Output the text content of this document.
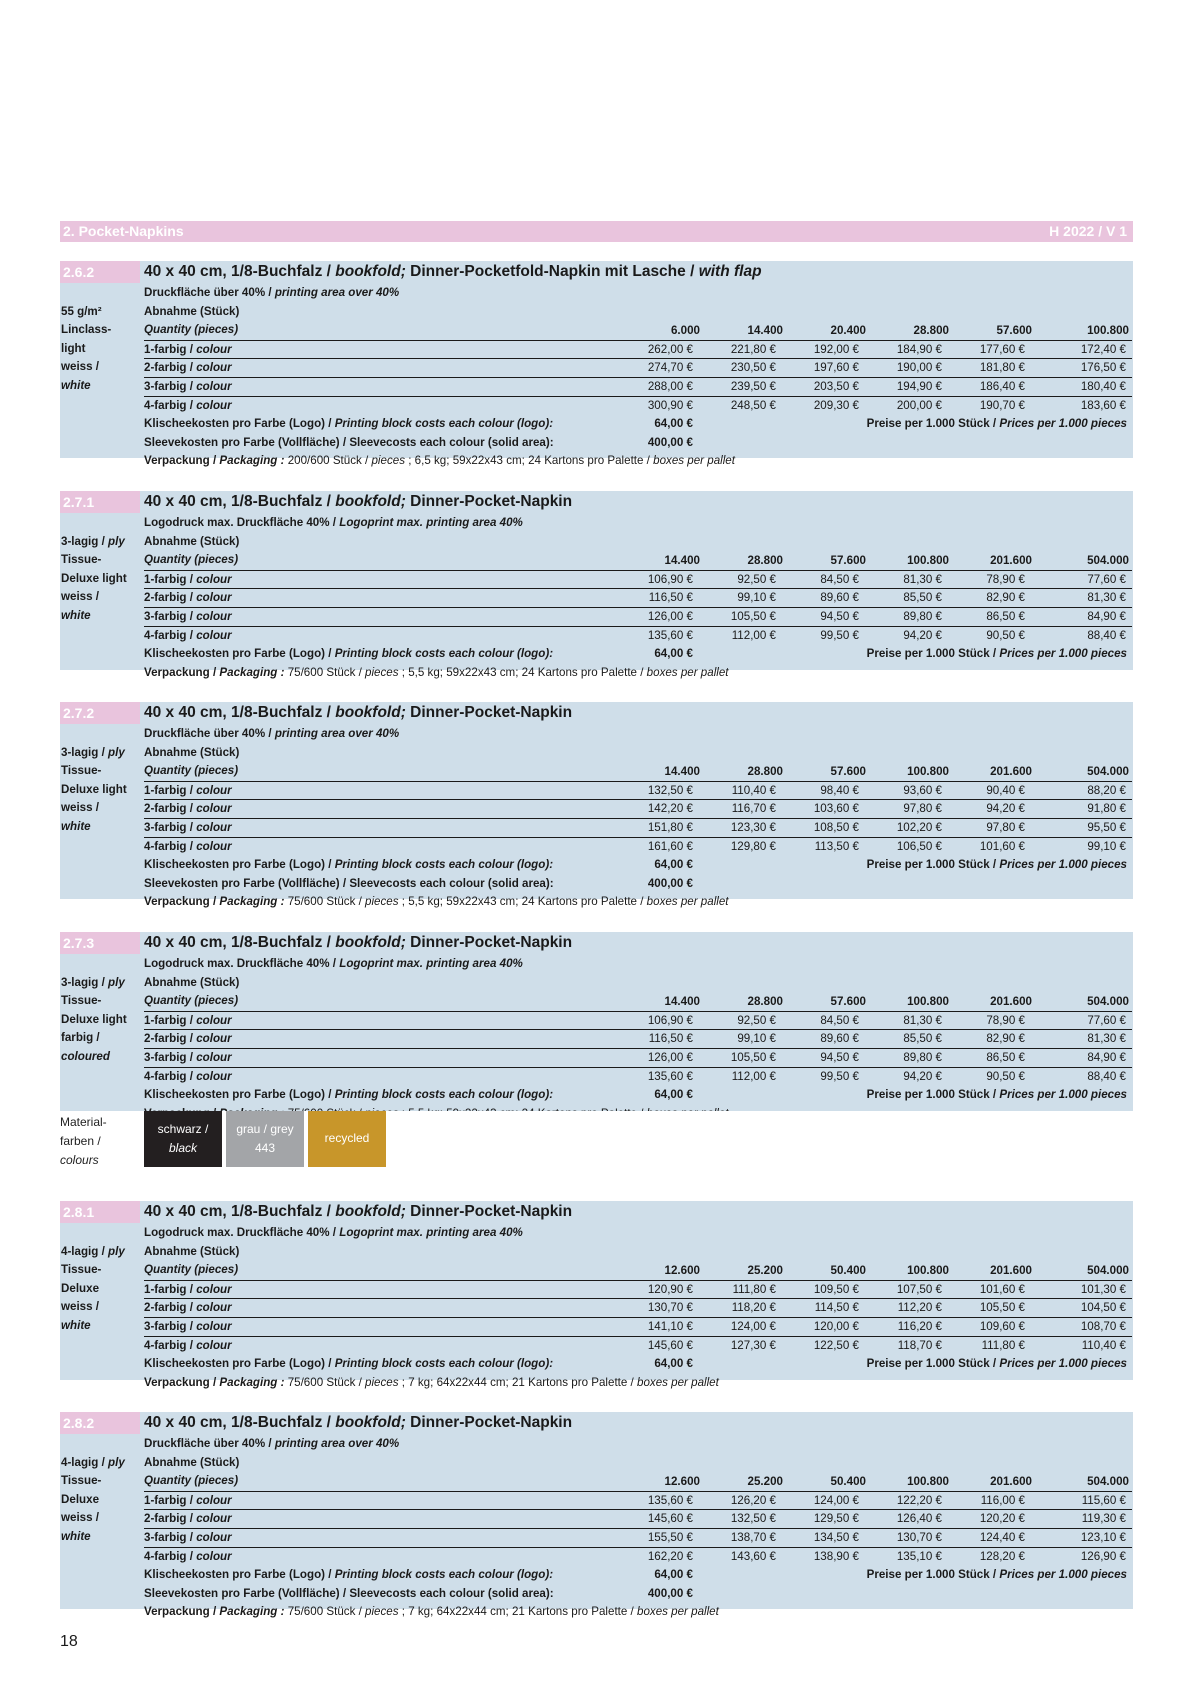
2. Pocket-Napkins	H 2022 / V 1
2.6.2	40 x 40 cm, 1/8-Buchfalz / bookfold; Dinner-Pocketfold-Napkin mit Lasche / with flap
Druckfläche über 40% / printing area over 40%
Abnahme (Stück)
55 g/m²
Linclass-
light
weiss /
white
Quantity (pieces)	6.000	14.400	20.400	28.800	57.600	100.800
1-farbig / colour	262,00 €	221,80 €	192,00 €	184,90 €	177,60 €	172,40 €
2-farbig / colour	274,70 €	230,50 €	197,60 €	190,00 €	181,80 €	176,50 €
3-farbig / colour	288,00 €	239,50 €	203,50 €	194,90 €	186,40 €	180,40 €
4-farbig / colour	300,90 €	248,50 €	209,30 €	200,00 €	190,70 €	183,60 €
Klischeekosten pro Farbe (Logo) / Printing block costs each colour (logo):	64,00 €	Preise per 1.000 Stück / Prices per 1.000 pieces
Sleevekosten pro Farbe (Vollfläche) / Sleevecosts each colour (solid area):	400,00 €
Verpackung / Packaging : 200/600 Stück / pieces ; 6,5 kg; 59x22x43 cm; 24 Kartons pro Palette / boxes per pallet
2.7.1	40 x 40 cm, 1/8-Buchfalz / bookfold; Dinner-Pocket-Napkin
Logodruck max. Druckfläche 40% / Logoprint max. printing area 40%
Abnahme (Stück)
3-lagig / ply
Tissue-
Deluxe light
weiss /
white
Quantity (pieces)	14.400	28.800	57.600	100.800	201.600	504.000
1-farbig / colour	106,90 €	92,50 €	84,50 €	81,30 €	78,90 €	77,60 €
2-farbig / colour	116,50 €	99,10 €	89,60 €	85,50 €	82,90 €	81,30 €
3-farbig / colour	126,00 €	105,50 €	94,50 €	89,80 €	86,50 €	84,90 €
4-farbig / colour	135,60 €	112,00 €	99,50 €	94,20 €	90,50 €	88,40 €
Klischeekosten pro Farbe (Logo) / Printing block costs each colour (logo):	64,00 €	Preise per 1.000 Stück / Prices per 1.000 pieces
Verpackung / Packaging : 75/600 Stück / pieces ; 5,5 kg; 59x22x43 cm; 24 Kartons pro Palette / boxes per pallet
2.7.2	40 x 40 cm, 1/8-Buchfalz / bookfold; Dinner-Pocket-Napkin
Druckfläche über 40% / printing area over 40%
Abnahme (Stück)
3-lagig / ply
Tissue-
Deluxe light
weiss /
white
Quantity (pieces)	14.400	28.800	57.600	100.800	201.600	504.000
1-farbig / colour	132,50 €	110,40 €	98,40 €	93,60 €	90,40 €	88,20 €
2-farbig / colour	142,20 €	116,70 €	103,60 €	97,80 €	94,20 €	91,80 €
3-farbig / colour	151,80 €	123,30 €	108,50 €	102,20 €	97,80 €	95,50 €
4-farbig / colour	161,60 €	129,80 €	113,50 €	106,50 €	101,60 €	99,10 €
Klischeekosten pro Farbe (Logo) / Printing block costs each colour (logo):	64,00 €	Preise per 1.000 Stück / Prices per 1.000 pieces
Sleevekosten pro Farbe (Vollfläche) / Sleevecosts each colour (solid area):	400,00 €
Verpackung / Packaging : 75/600 Stück / pieces ; 5,5 kg; 59x22x43 cm; 24 Kartons pro Palette / boxes per pallet
2.7.3	40 x 40 cm, 1/8-Buchfalz / bookfold; Dinner-Pocket-Napkin
Logodruck max. Druckfläche 40% / Logoprint max. printing area 40%
Abnahme (Stück)
3-lagig / ply
Tissue-
Deluxe light
farbig /
coloured
Quantity (pieces)	14.400	28.800	57.600	100.800	201.600	504.000
1-farbig / colour	106,90 €	92,50 €	84,50 €	81,30 €	78,90 €	77,60 €
2-farbig / colour	116,50 €	99,10 €	89,60 €	85,50 €	82,90 €	81,30 €
3-farbig / colour	126,00 €	105,50 €	94,50 €	89,80 €	86,50 €	84,90 €
4-farbig / colour	135,60 €	112,00 €	99,50 €	94,20 €	90,50 €	88,40 €
Klischeekosten pro Farbe (Logo) / Printing block costs each colour (logo):	64,00 €	Preise per 1.000 Stück / Prices per 1.000 pieces
Material-
farben /
colours
schwarz /
black
grau / grey
443
recycled
2.8.1	40 x 40 cm, 1/8-Buchfalz / bookfold; Dinner-Pocket-Napkin
Logodruck max. Druckfläche 40% / Logoprint max. printing area 40%
Abnahme (Stück)
4-lagig / ply
Tissue-
Deluxe
weiss /
white
Quantity (pieces)	12.600	25.200	50.400	100.800	201.600	504.000
1-farbig / colour	120,90 €	111,80 €	109,50 €	107,50 €	101,60 €	101,30 €
2-farbig / colour	130,70 €	118,20 €	114,50 €	112,20 €	105,50 €	104,50 €
3-farbig / colour	141,10 €	124,00 €	120,00 €	116,20 €	109,60 €	108,70 €
4-farbig / colour	145,60 €	127,30 €	122,50 €	118,70 €	111,80 €	110,40 €
Klischeekosten pro Farbe (Logo) / Printing block costs each colour (logo):	64,00 €	Preise per 1.000 Stück / Prices per 1.000 pieces
Verpackung / Packaging : 75/600 Stück / pieces ; 7 kg; 64x22x44 cm; 21 Kartons pro Palette / boxes per pallet
2.8.2	40 x 40 cm, 1/8-Buchfalz / bookfold; Dinner-Pocket-Napkin
Druckfläche über 40% / printing area over 40%
Abnahme (Stück)
4-lagig / ply
Tissue-
Deluxe
weiss /
white
Quantity (pieces)	12.600	25.200	50.400	100.800	201.600	504.000
1-farbig / colour	135,60 €	126,20 €	124,00 €	122,20 €	116,00 €	115,60 €
2-farbig / colour	145,60 €	132,50 €	129,50 €	126,40 €	120,20 €	119,30 €
3-farbig / colour	155,50 €	138,70 €	134,50 €	130,70 €	124,40 €	123,10 €
4-farbig / colour	162,20 €	143,60 €	138,90 €	135,10 €	128,20 €	126,90 €
Klischeekosten pro Farbe (Logo) / Printing block costs each colour (logo):	64,00 €	Preise per 1.000 Stück / Prices per 1.000 pieces
Sleevekosten pro Farbe (Vollfläche) / Sleevecosts each colour (solid area):	400,00 €
Verpackung / Packaging : 75/600 Stück / pieces ; 7 kg; 64x22x44 cm; 21 Kartons pro Palette / boxes per pallet
18
